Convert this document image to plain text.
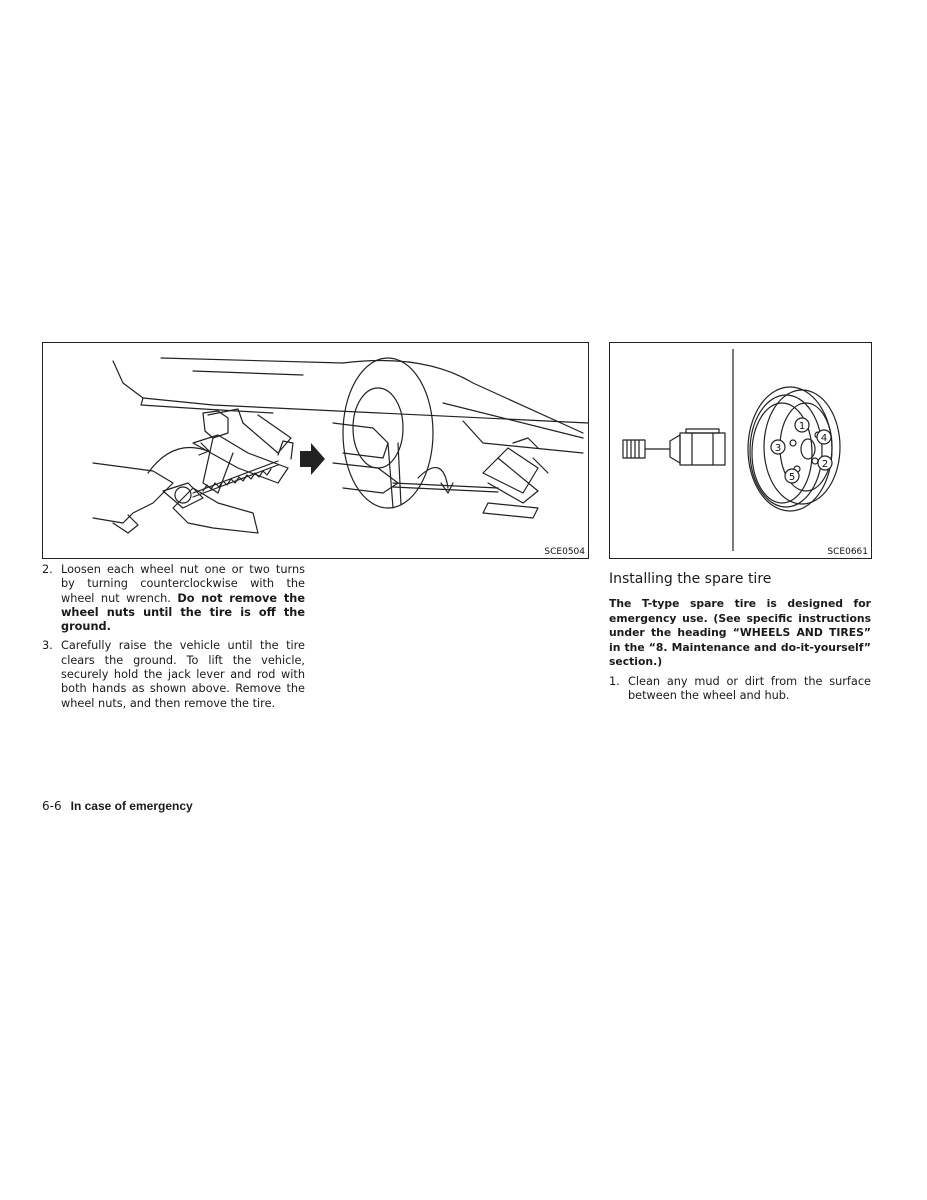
SCE0504
1
4
3
2
5
SCE0661
2. Loosen each wheel nut one or two turns by turning counterclockwise with the wheel nut wrench. Do not remove the wheel nuts until the tire is off the ground.
3. Carefully raise the vehicle until the tire clears the ground. To lift the vehicle, securely hold the jack lever and rod with both hands as shown above. Remove the wheel nuts, and then remove the tire.
Installing the spare tire

The T-type spare tire is designed for emergency use. (See specific instructions under the heading “WHEELS AND TIRES” in the “8. Maintenance and do-it-yourself” section.)

1. Clean any mud or dirt from the surface between the wheel and hub.
6-6 In case of emergency
